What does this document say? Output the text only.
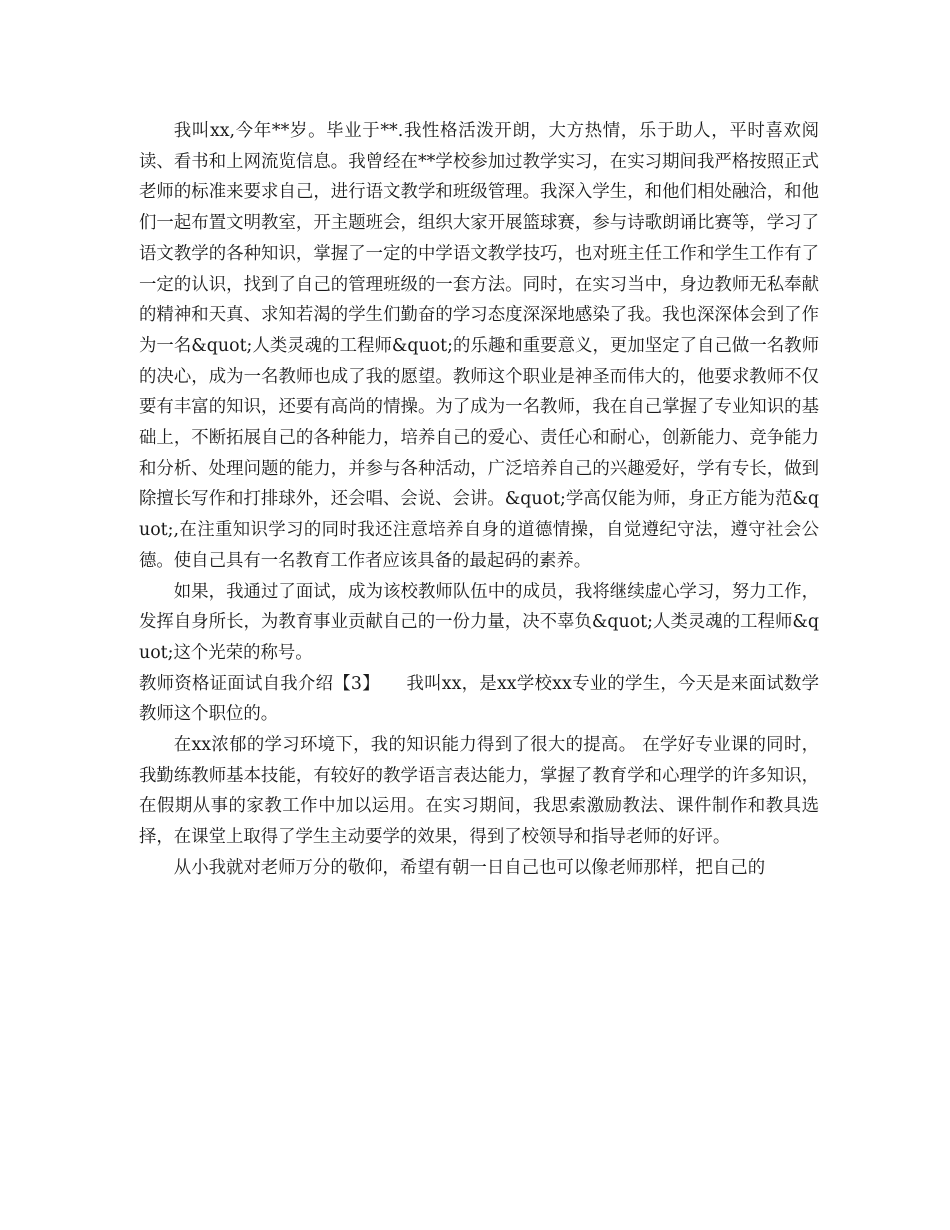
我叫xx,今年**岁。毕业于**.我性格活泼开朗，大方热情，乐于助人，平时喜欢阅读、看书和上网流览信息。我曾经在**学校参加过教学实习，在实习期间我严格按照正式老师的标准来要求自己，进行语文教学和班级管理。我深入学生，和他们相处融洽，和他们一起布置文明教室，开主题班会，组织大家开展篮球赛，参与诗歌朗诵比赛等，学习了语文教学的各种知识，掌握了一定的中学语文教学技巧，也对班主任工作和学生工作有了一定的认识，找到了自己的管理班级的一套方法。同时，在实习当中，身边教师无私奉献的精神和天真、求知若渴的学生们勤奋的学习态度深深地感染了我。我也深深体会到了作为一名&quot;人类灵魂的工程师&quot;的乐趣和重要意义，更加坚定了自己做一名教师的决心，成为一名教师也成了我的愿望。教师这个职业是神圣而伟大的，他要求教师不仅要有丰富的知识，还要有高尚的情操。为了成为一名教师，我在自己掌握了专业知识的基础上，不断拓展自己的各种能力，培养自己的爱心、责任心和耐心，创新能力、竞争能力和分析、处理问题的能力，并参与各种活动，广泛培养自己的兴趣爱好，学有专长，做到除擅长写作和打排球外，还会唱、会说、会讲。&quot;学高仅能为师，身正方能为范&quot;,在注重知识学习的同时我还注意培养自身的道德情操，自觉遵纪守法，遵守社会公德。使自己具有一名教育工作者应该具备的最起码的素养。

如果，我通过了面试，成为该校教师队伍中的成员，我将继续虚心学习，努力工作，发挥自身所长，为教育事业贡献自己的一份力量，决不辜负&quot;人类灵魂的工程师&quot;这个光荣的称号。

教师资格证面试自我介绍【3】　　我叫xx，是xx学校xx专业的学生，今天是来面试数学教师这个职位的。

在xx浓郁的学习环境下，我的知识能力得到了很大的提高。 在学好专业课的同时，我勤练教师基本技能，有较好的教学语言表达能力，掌握了教育学和心理学的许多知识，在假期从事的家教工作中加以运用。在实习期间，我思索激励教法、课件制作和教具选择，在课堂上取得了学生主动要学的效果，得到了校领导和指导老师的好评。

从小我就对老师万分的敬仰，希望有朝一日自己也可以像老师那样，把自己的
